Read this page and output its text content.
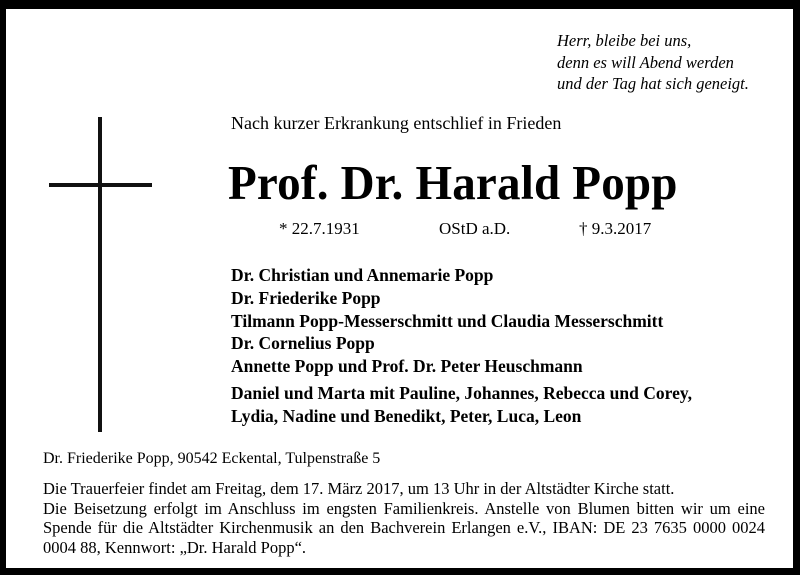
Herr, bleibe bei uns,
denn es will Abend werden
und der Tag hat sich geneigt.
Nach kurzer Erkrankung entschlief in Frieden
Prof. Dr. Harald Popp
* 22.7.1931	OStD a.D.	† 9.3.2017
Dr. Christian und Annemarie Popp
Dr. Friederike Popp
Tilmann Popp-Messerschmitt und Claudia Messerschmitt
Dr. Cornelius Popp
Annette Popp und Prof. Dr. Peter Heuschmann
Daniel und Marta mit Pauline, Johannes, Rebecca und Corey,
Lydia, Nadine und Benedikt, Peter, Luca, Leon
Dr. Friederike Popp, 90542 Eckental, Tulpenstraße 5
Die Trauerfeier findet am Freitag, dem 17. März 2017, um 13 Uhr in der Altstädter Kirche statt.
Die Beisetzung erfolgt im Anschluss im engsten Familienkreis. Anstelle von Blumen bitten wir um eine Spende für die Altstädter Kirchenmusik an den Bachverein Erlangen e.V., IBAN: DE 23 7635 0000 0024 0004 88, Kennwort: „Dr. Harald Popp“.
